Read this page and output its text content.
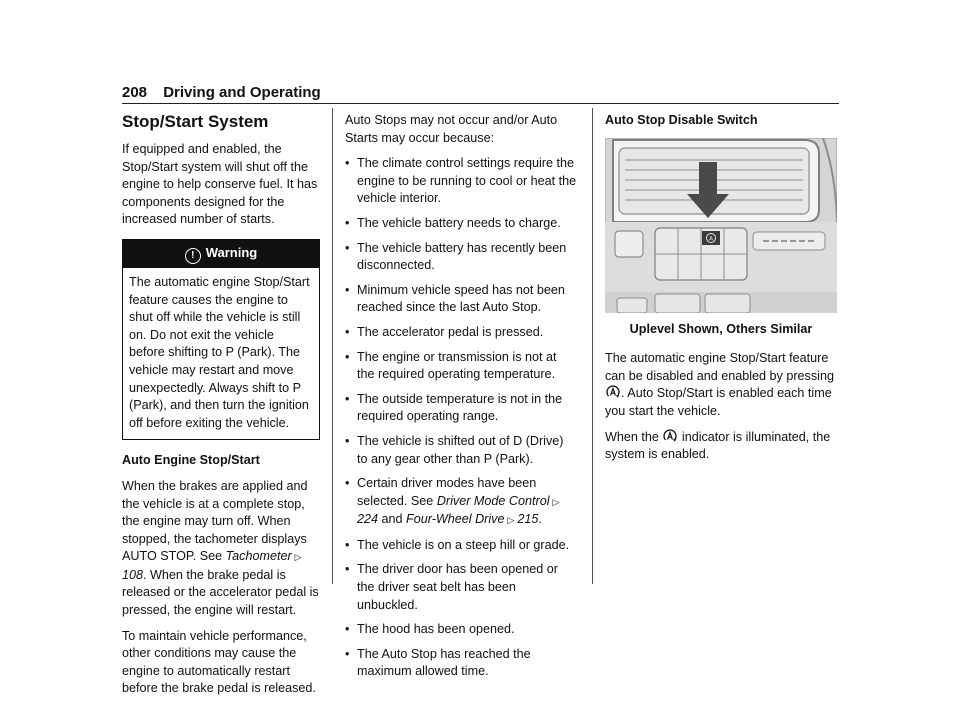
208 Driving and Operating
Stop/Start System

If equipped and enabled, the Stop/Start system will shut off the engine to help conserve fuel. It has components designed for the increased number of starts.

! Warning
The automatic engine Stop/Start feature causes the engine to shut off while the vehicle is still on. Do not exit the vehicle before shifting to P (Park). The vehicle may restart and move unexpectedly. Always shift to P (Park), and then turn the ignition off before exiting the vehicle.

Auto Engine Stop/Start

When the brakes are applied and the vehicle is at a complete stop, the engine may turn off. When stopped, the tachometer displays AUTO STOP. See Tachometer ▷108. When the brake pedal is released or the accelerator pedal is pressed, the engine will restart.

To maintain vehicle performance, other conditions may cause the engine to automatically restart before the brake pedal is released.

Auto Stops may not occur and/or Auto Starts may occur because:

• The climate control settings require the engine to be running to cool or heat the vehicle interior.
• The vehicle battery needs to charge.
• The vehicle battery has recently been disconnected.
• Minimum vehicle speed has not been reached since the last Auto Stop.
• The accelerator pedal is pressed.
• The engine or transmission is not at the required operating temperature.
• The outside temperature is not in the required operating range.
• The vehicle is shifted out of D (Drive) to any gear other than P (Park).
• Certain driver modes have been selected. See Driver Mode Control ▷224 and Four-Wheel Drive ▷ 215.
• The vehicle is on a steep hill or grade.
• The driver door has been opened or the driver seat belt has been unbuckled.
• The hood has been opened.
• The Auto Stop has reached the maximum allowed time.

Auto Stop Disable Switch

A

Uplevel Shown, Others Similar

The automatic engine Stop/Start feature can be disabled and enabled by pressing . Auto Stop/Start is enabled each time you start the vehicle.

When the indicator is illuminated, the system is enabled.
